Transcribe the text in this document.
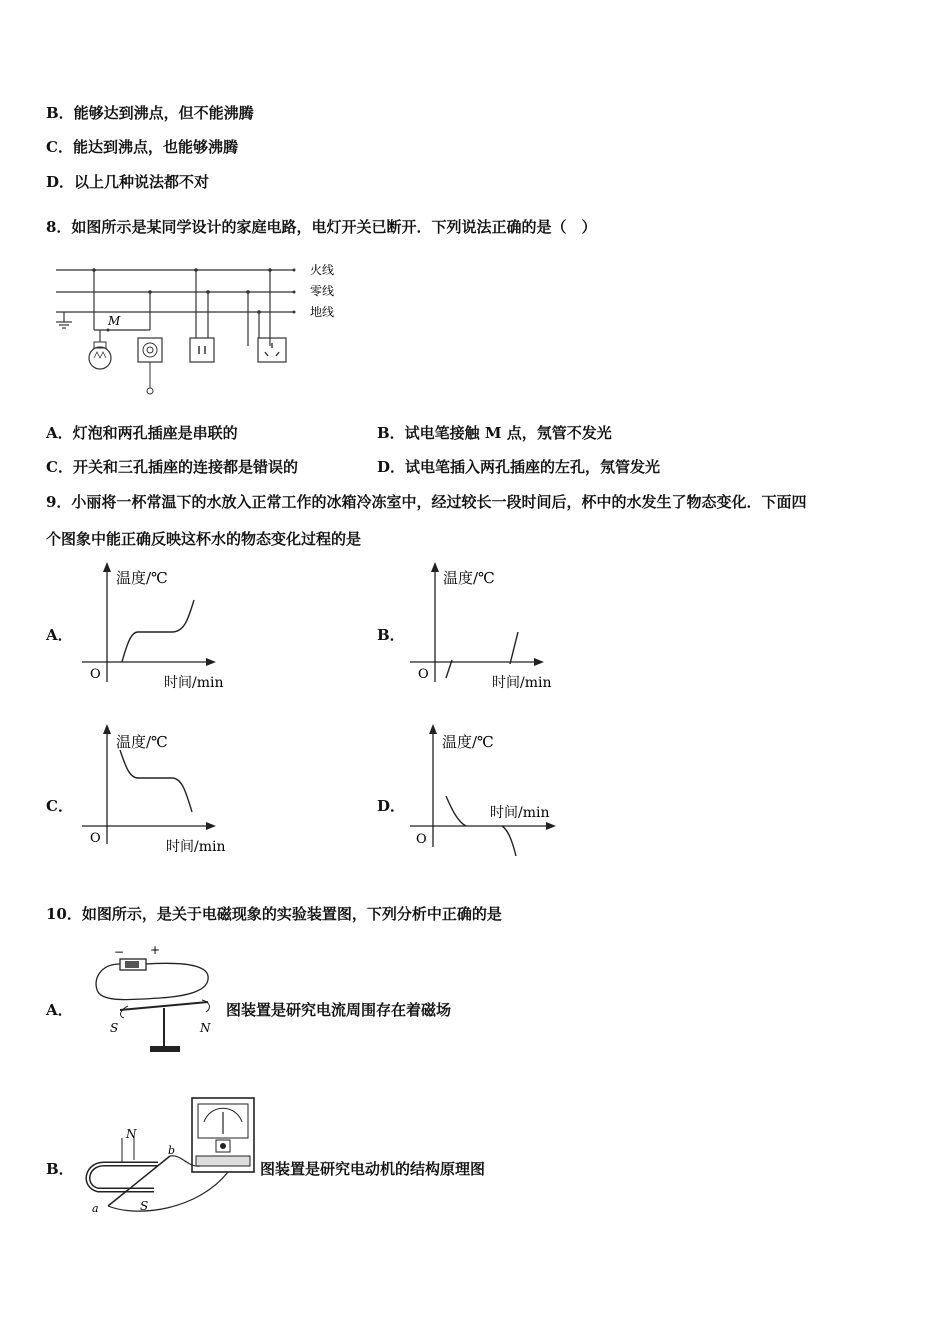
B．能够达到沸点，但不能沸腾
C．能达到沸点，也能够沸腾
D．以上几种说法都不对
8．如图所示是某同学设计的家庭电路，电灯开关已断开．下列说法正确的是（　）
火线
零线
地线
M
A．灯泡和两孔插座是串联的	B．试电笔接触 M 点，氖管不发光
C．开关和三孔插座的连接都是错误的	D．试电笔插入两孔插座的左孔，氖管发光
9．小丽将一杯常温下的水放入正常工作的冰箱冷冻室中，经过较长一段时间后，杯中的水发生了物态变化．下面四
个图象中能正确反映这杯水的物态变化过程的是
A．
温度/℃
时间/min
O
B．
温度/℃
时间/min
O
C．
温度/℃
时间/min
O
D．
温度/℃
时间/min
O
10．如图所示，是关于电磁现象的实验装置图，下列分析中正确的是
A．
− +
S	N
图装置是研究电流周围存在着磁场
B．
N
S
a
b
图装置是研究电动机的结构原理图
